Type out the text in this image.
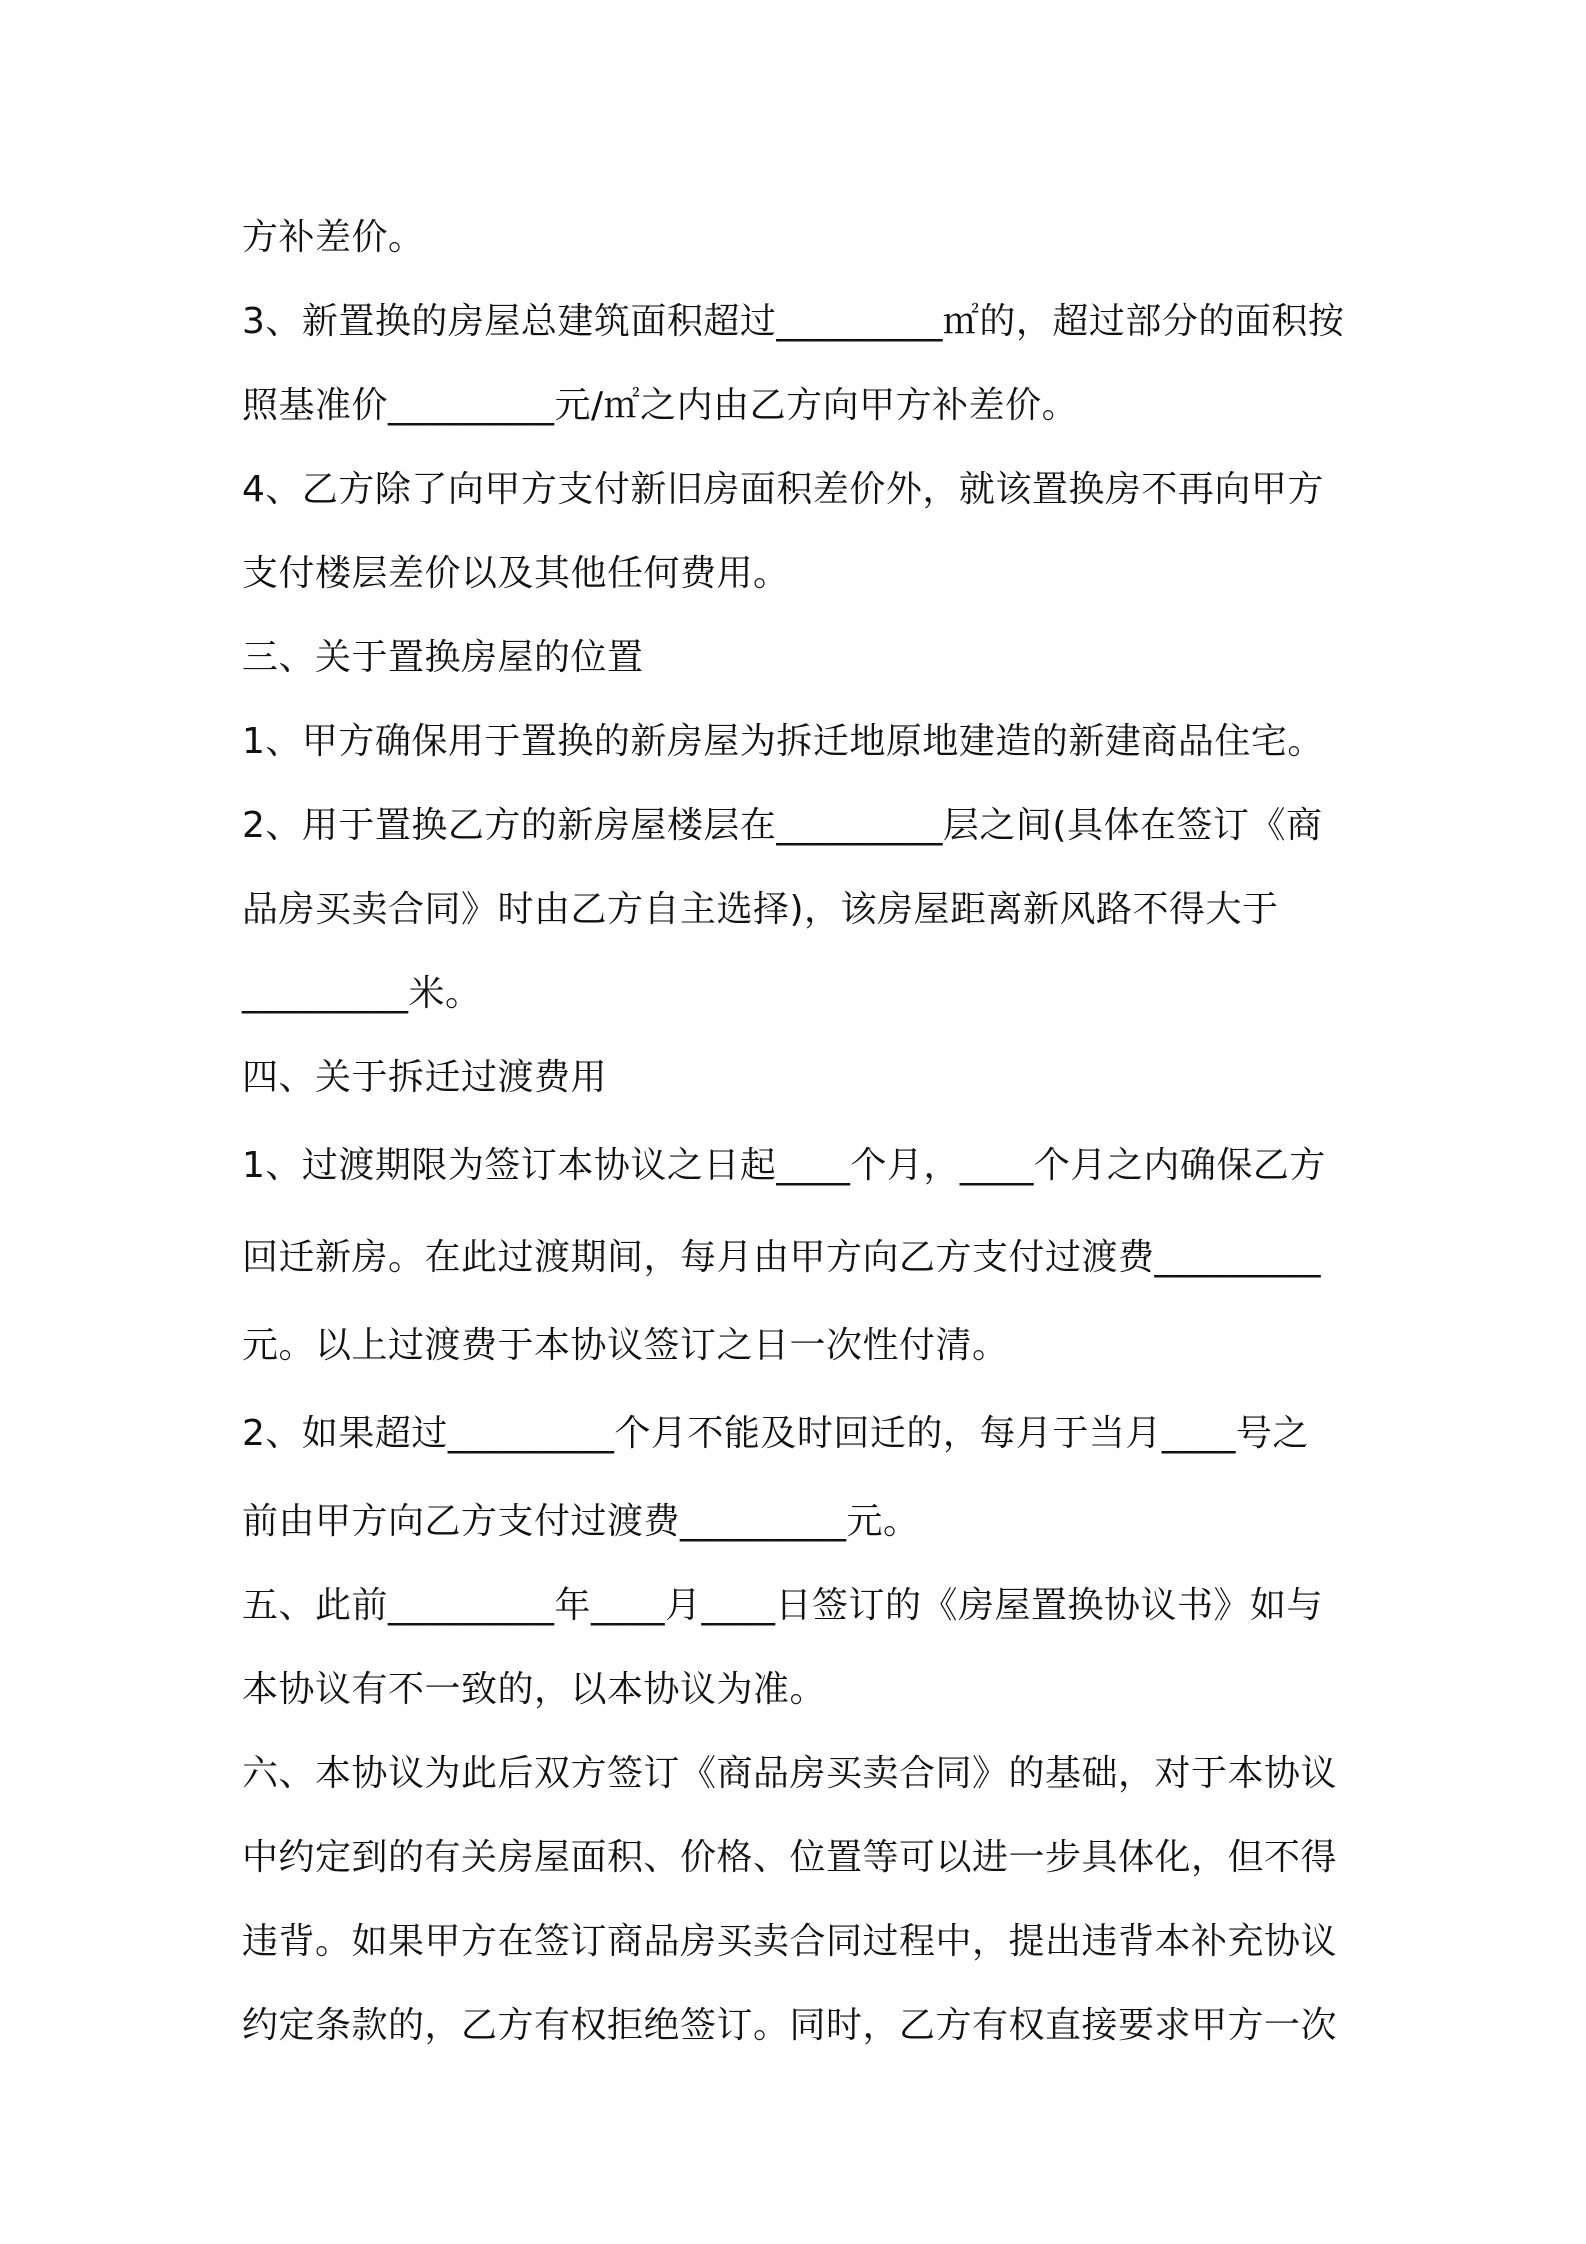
方补差价。
3、新置换的房屋总建筑面积超过_________㎡的，超过部分的面积按
照基准价_________元/㎡之内由乙方向甲方补差价。
4、乙方除了向甲方支付新旧房面积差价外，就该置换房不再向甲方
支付楼层差价以及其他任何费用。
三、关于置换房屋的位置
1、甲方确保用于置换的新房屋为拆迁地原地建造的新建商品住宅。
2、用于置换乙方的新房屋楼层在_________层之间(具体在签订《商
品房买卖合同》时由乙方自主选择)，该房屋距离新风路不得大于
_________米。
四、关于拆迁过渡费用
1、过渡期限为签订本协议之日起____个月，____个月之内确保乙方
回迁新房。在此过渡期间，每月由甲方向乙方支付过渡费_________
元。以上过渡费于本协议签订之日一次性付清。
2、如果超过_________个月不能及时回迁的，每月于当月____号之
前由甲方向乙方支付过渡费_________元。
五、此前_________年____月____日签订的《房屋置换协议书》如与
本协议有不一致的，以本协议为准。
六、本协议为此后双方签订《商品房买卖合同》的基础，对于本协议
中约定到的有关房屋面积、价格、位置等可以进一步具体化，但不得
违背。如果甲方在签订商品房买卖合同过程中，提出违背本补充协议
约定条款的，乙方有权拒绝签订。同时，乙方有权直接要求甲方一次
